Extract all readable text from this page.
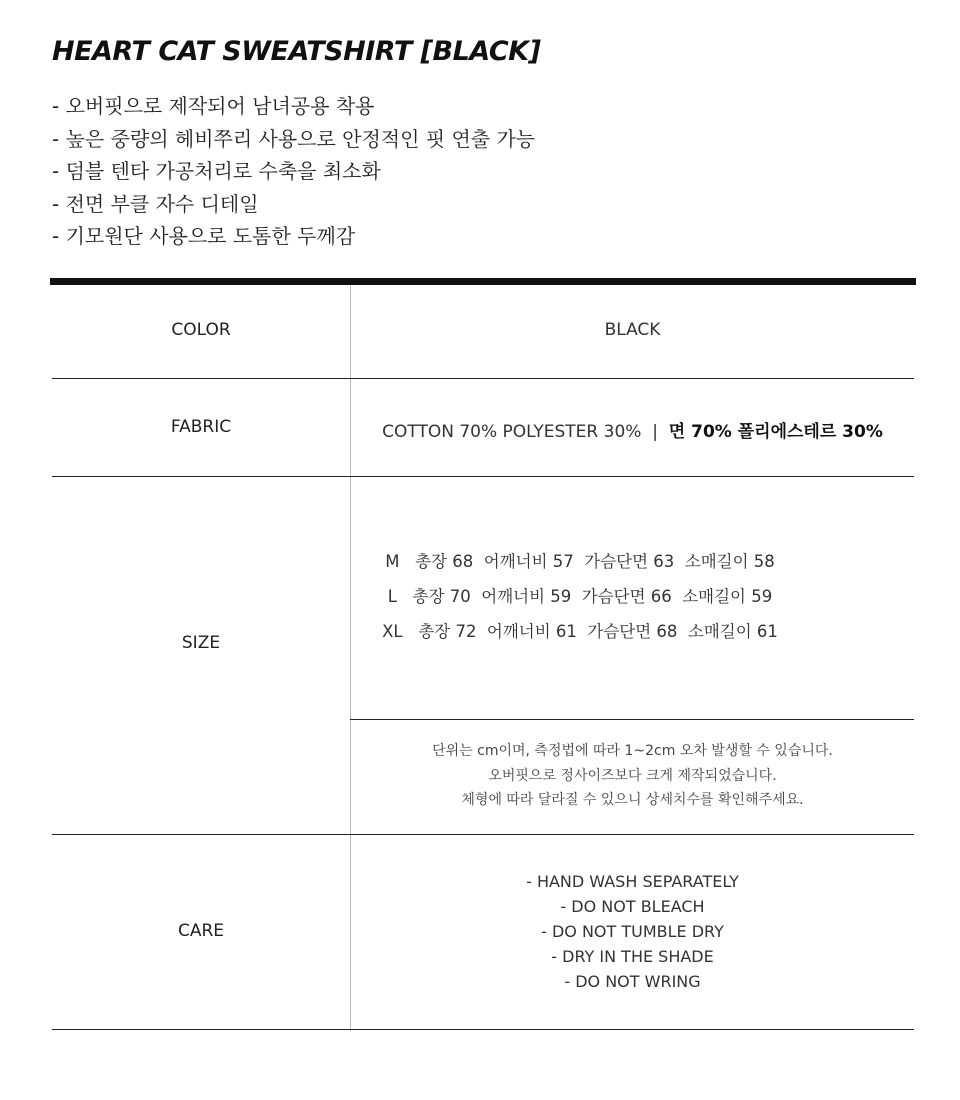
HEART CAT SWEATSHIRT [BLACK]
- 오버핏으로 제작되어 남녀공용 착용
- 높은 중량의 헤비쭈리 사용으로 안정적인 핏 연출 가능
- 덤블 텐타 가공처리로 수축을 최소화
- 전면 부클 자수 디테일
- 기모원단 사용으로 도톰한 두께감
COLOR	BLACK
FABRIC	COTTON 70% POLYESTER 30%  |  면 70% 폴리에스테르 30%
SIZE
M   총장 68  어깨너비 57  가슴단면 63  소매길이 58
L   총장 70  어깨너비 59  가슴단면 66  소매길이 59
XL   총장 72  어깨너비 61  가슴단면 68  소매길이 61
단위는 cm이며, 측정법에 따라 1~2cm 오차 발생할 수 있습니다.
오버핏으로 정사이즈보다 크게 제작되었습니다.
체형에 따라 달라질 수 있으니 상세치수를 확인해주세요.
CARE
- HAND WASH SEPARATELY
- DO NOT BLEACH
- DO NOT TUMBLE DRY
- DRY IN THE SHADE
- DO NOT WRING
